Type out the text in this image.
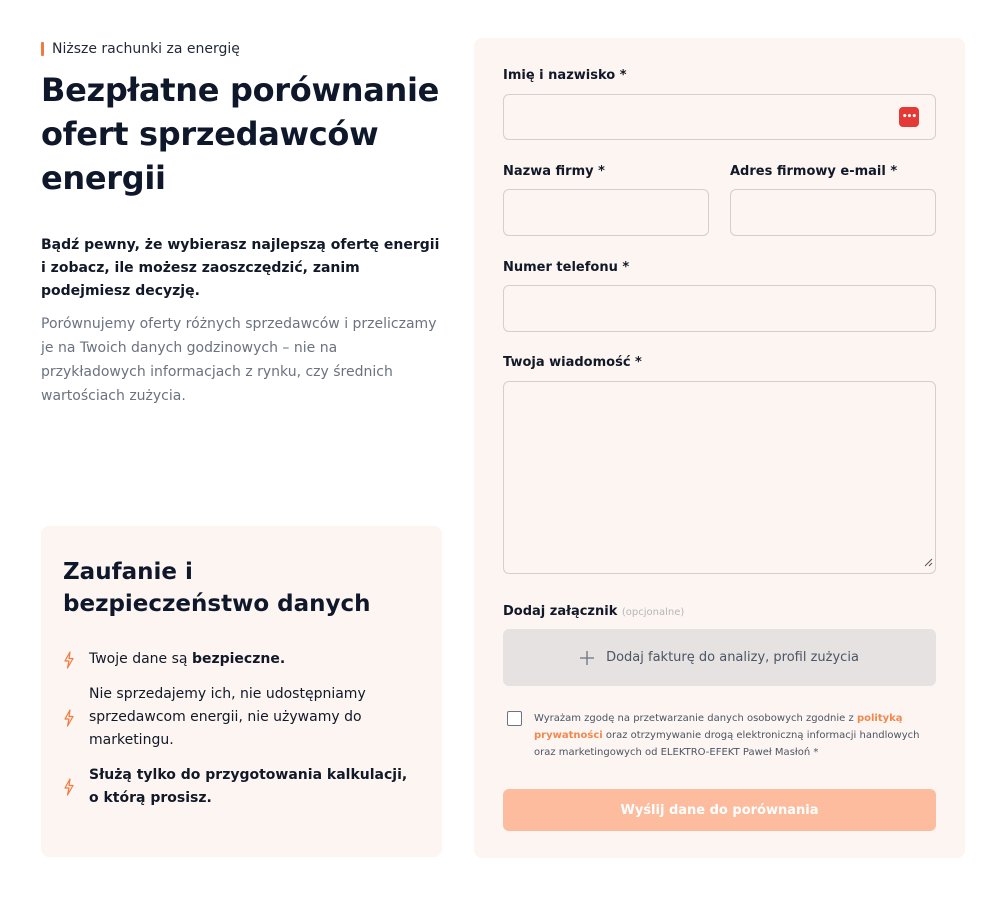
Niższe rachunki za energię
Bezpłatne porównanie ofert sprzedawców energii

Bądź pewny, że wybierasz najlepszą ofertę energii i zobacz, ile możesz zaoszczędzić, zanim podejmiesz decyzję.

Porównujemy oferty różnych sprzedawców i przeliczamy je na Twoich danych godzinowych – nie na przykładowych informacjach z rynku, czy średnich wartościach zużycia.

Zaufanie i bezpieczeństwo danych
Twoje dane są bezpieczne.
Nie sprzedajemy ich, nie udostępniamy sprzedawcom energii, nie używamy do marketingu.
Służą tylko do przygotowania kalkulacji, o którą prosisz.
Imię i nazwisko *
•••
Nazwa firmy *	Adres firmowy e-mail *
Numer telefonu *
Twoja wiadomość *
Dodaj załącznik (opcjonalne)
Dodaj fakturę do analizy, profil zużycia

Wyrażam zgodę na przetwarzanie danych osobowych zgodnie z polityką prywatności oraz otrzymywanie drogą elektroniczną informacji handlowych oraz marketingowych od ELEKTRO-EFEKT Paweł Masłoń *

Wyślij dane do porównania
